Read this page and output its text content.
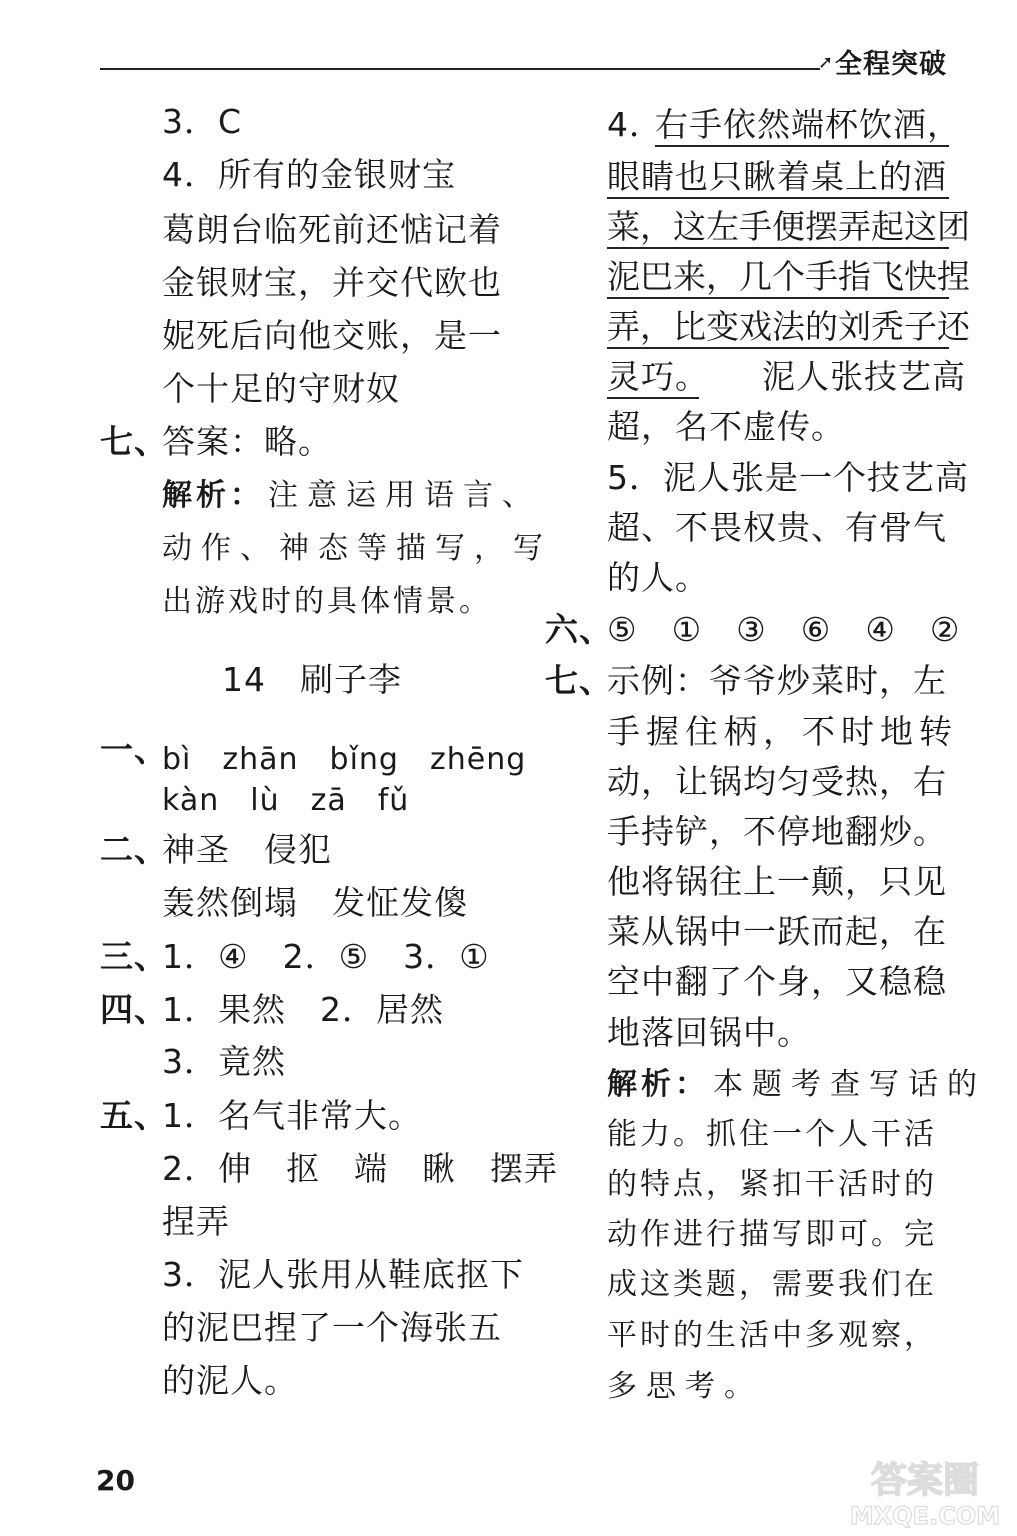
➚ 全程突破
3．C
4．所有的金银财宝
葛朗台临死前还惦记着
金银财宝，并交代欧也
妮死后向他交账，是一
个十足的守财奴
七、
答案：略。
解析： 注意运用语言、
动作、神态等描写，写
出游戏时的具体情景。
14　刷子李
一、
bì　zhān　bǐng　zhēng
kàn　lù　zā　fǔ
二、
神圣　侵犯
轰然倒塌　发怔发傻
三、
1．④　2．⑤　3．①
四、
1．果然　2．居然
3．竟然
五、
1．名气非常大。
2．伸　抠　端　瞅　摆弄
捏弄
3．泥人张用从鞋底抠下
的泥巴捏了一个海张五
的泥人。
4．
右手依然端杯饮酒，
眼睛也只瞅着桌上的酒
菜，这左手便摆弄起这团
泥巴来，几个手指飞快捏
弄，比变戏法的刘秃子还
灵巧。 泥人张技艺高
超，名不虚传。
5．泥人张是一个技艺高
超、不畏权贵、有骨气
的人。
六、
⑤　①　③　⑥　④　②
七、
示例：爷爷炒菜时，左
手握住柄，不时地转
动，让锅均匀受热，右
手持铲，不停地翻炒。
他将锅往上一颠，只见
菜从锅中一跃而起，在
空中翻了个身，又稳稳
地落回锅中。
解析： 本题考查写话的
能力。抓住一个人干活
的特点，紧扣干活时的
动作进行描写即可。完
成这类题，需要我们在
平时的生活中多观察，
多思考。
20	答案圈
MXQE.COM
